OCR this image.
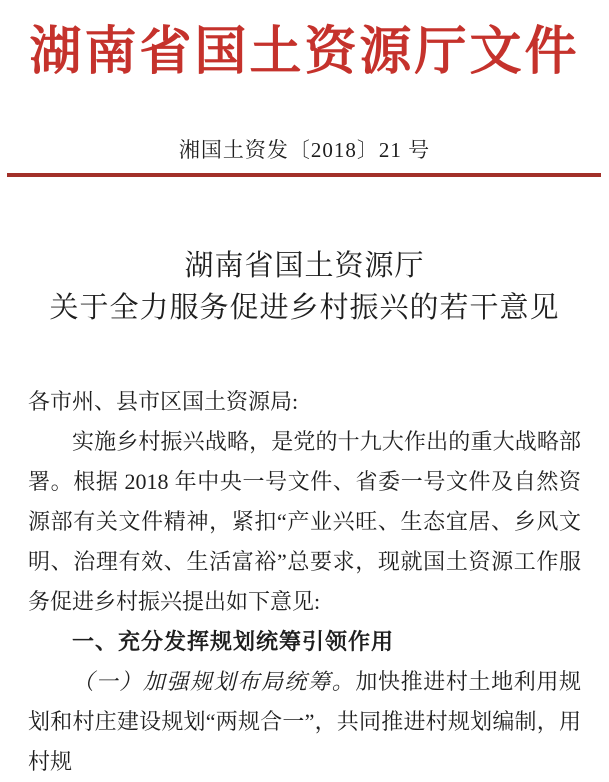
湖南省国土资源厅文件
湘国土资发〔2018〕21 号
湖南省国土资源厅
关于全力服务促进乡村振兴的若干意见

各市州、县市区国土资源局:

实施乡村振兴战略，是党的十九大作出的重大战略部署。根据 2018 年中央一号文件、省委一号文件及自然资源部有关文件精神，紧扣“产业兴旺、生态宜居、乡风文明、治理有效、生活富裕”总要求，现就国土资源工作服务促进乡村振兴提出如下意见:

一、充分发挥规划统筹引领作用

（一）加强规划布局统筹。加快推进村土地利用规划和村庄建设规划“两规合一”，共同推进村规划编制，用村规
